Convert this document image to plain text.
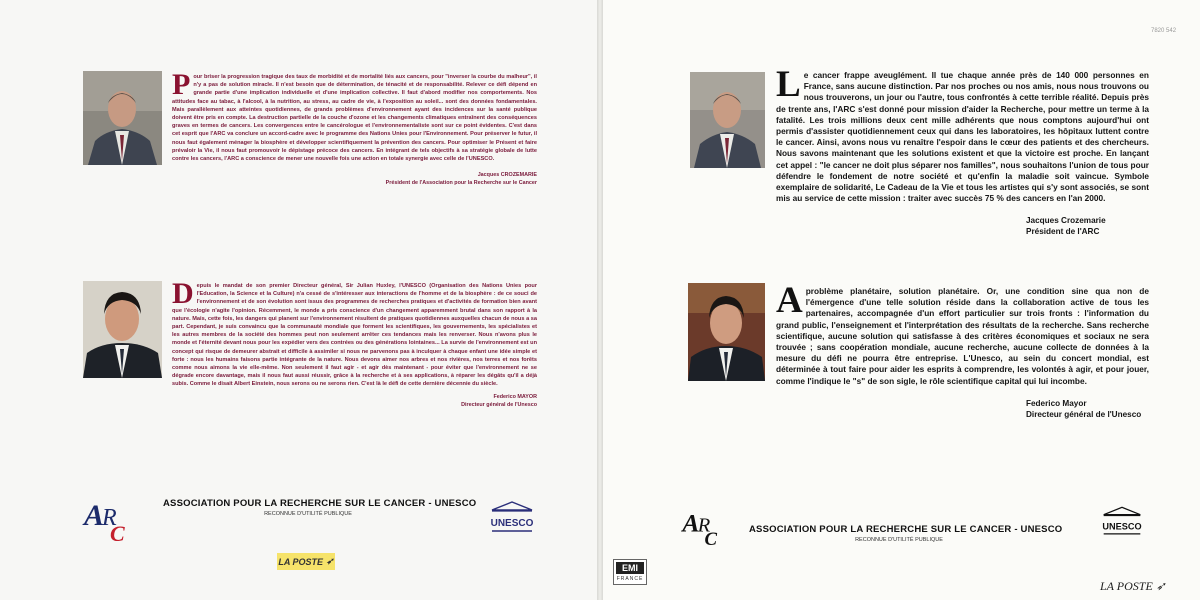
P our briser la progression tragique des taux de morbidité et de mortalité liés aux cancers, pour "inverser la courbe du malheur", il n'y a pas de solution miracle. Il n'est besoin que de détermination, de ténacité et de responsabilité. Relever ce défi dépend en grande partie d'une implication individuelle et d'une implication collective. Il faut d'abord modifier nos comportements. Nos attitudes face au tabac, à l'alcool, à la nutrition, au stress, au cadre de vie, à l'exposition au soleil... sont des données fondamentales. Mais parallèlement aux atteintes quotidiennes, de grands problèmes d'environnement ayant des incidences sur la santé publique doivent être pris en compte. La destruction partielle de la couche d'ozone et les changements climatiques entraînent des conséquences graves en termes de cancers. Les convergences entre le cancérologue et l'environnementaliste sont sur ce point évidentes. C'est dans cet esprit que l'ARC va conclure un accord-cadre avec le programme des Nations Unies pour l'Environnement. Pour préserver le futur, il nous faut également ménager la biosphère et développer scientifiquement la prévention des cancers. Pour optimiser le Présent et faire prévaloir la Vie, il nous faut promouvoir le dépistage précoce des cancers. En intégrant de tels objectifs à sa stratégie globale de lutte contre les cancers, l'ARC a conscience de mener une nouvelle fois une action en totale synergie avec celle de l'UNESCO.

Jacques CROZEMARIE
Président de l'Association pour la Recherche sur le Cancer
D epuis le mandat de son premier Directeur général, Sir Julian Huxley, l'UNESCO (Organisation des Nations Unies pour l'Education, la Science et la Culture) n'a cessé de s'intéresser aux interactions de l'homme et de la biosphère : de ce souci de l'environnement et de son évolution sont issus des programmes de recherches pratiques et d'activités de formation bien avant que l'écologie n'agite l'opinion. Récemment, le monde a pris conscience d'un changement apparemment brutal dans son rapport à la nature. Mais, cette fois, les dangers qui planent sur l'environnement résultent de pratiques quotidiennes auxquelles chacun de nous a sa part. Cependant, je suis convaincu que la communauté mondiale que forment les scientifiques, les gouvernements, les spécialistes et les autres membres de la société des hommes peut non seulement arrêter ces tendances mais les renverser. Nous n'avons plus le monde et l'éternité devant nous pour les expédier vers des contrées ou des générations lointaines... La survie de l'environnement est un concept qui risque de demeurer abstrait et difficile à assimiler si nous ne parvenons pas à inculquer à chaque enfant une idée simple et forte : nous les humains faisons partie intégrante de la nature. Nous devons aimer nos arbres et nos rivières, nos terres et nos forêts comme nous aimons la vie elle-même. Non seulement il faut agir - et agir dès maintenant - pour éviter que l'environnement ne se dégrade encore davantage, mais il nous faut aussi réussir, grâce à la recherche et à ses applications, à réparer les dégâts qu'il a déjà subis. Comme le disait Albert Einstein, nous serons ou ne serons rien. C'est là le défi de cette dernière décennie du siècle.

Federico MAYOR
Directeur général de l'Unesco
A
R
C
ASSOCIATION POUR LA RECHERCHE SUR LE CANCER - UNESCO
RECONNUE D'UTILITÉ PUBLIQUE
UNESCO
LA POSTE ➶
7820 542
L e cancer frappe aveuglément. Il tue chaque année près de 140 000 personnes en France, sans aucune distinction. Par nos proches ou nos amis, nous nous trouvons ou nous trouverons, un jour ou l'autre, tous confrontés à cette terrible réalité. Depuis près de trente ans, l'ARC s'est donné pour mission d'aider la Recherche, pour mettre un terme à la fatalité. Les trois millions deux cent mille adhérents que nous comptons aujourd'hui ont permis d'assister quotidiennement ceux qui dans les laboratoires, les hôpitaux luttent contre le cancer. Ainsi, avons nous vu renaître l'espoir dans le cœur des patients et des chercheurs. Nous savons maintenant que les solutions existent et que la victoire est proche. En lançant cet appel : "le cancer ne doit plus séparer nos familles", nous souhaitons l'union de tous pour défendre le fondement de notre société et qu'enfin la maladie soit vaincue. Symbole exemplaire de solidarité, Le Cadeau de la Vie et tous les artistes qui s'y sont associés, se sont mis au service de cette mission : traiter avec succès 75 % des cancers en l'an 2000.

Jacques Crozemarie
Président de l'ARC
A problème planétaire, solution planétaire. Or, une condition sine qua non de l'émergence d'une telle solution réside dans la collaboration active de tous les partenaires, accompagnée d'un effort particulier sur trois fronts : l'information du grand public, l'enseignement et l'interprétation des résultats de la recherche. Sans recherche scientifique, aucune solution qui satisfasse à des critères économiques et sociaux ne sera trouvée ; sans coopération mondiale, aucune recherche, aucune collecte de données à la mesure du défi ne pourra être entreprise. L'Unesco, au sein du concert mondial, est déterminée à tout faire pour aider les esprits à comprendre, les volontés à agir, et pour jouer, comme l'indique le "s" de son sigle, le rôle scientifique capital qui lui incombe.

Federico Mayor
Directeur général de l'Unesco
A
R
C	ASSOCIATION POUR LA RECHERCHE SUR LE CANCER - UNESCO
RECONNUE D'UTILITÉ PUBLIQUE
UNESCO
EMI
FRANCE	LA POSTE ➶
